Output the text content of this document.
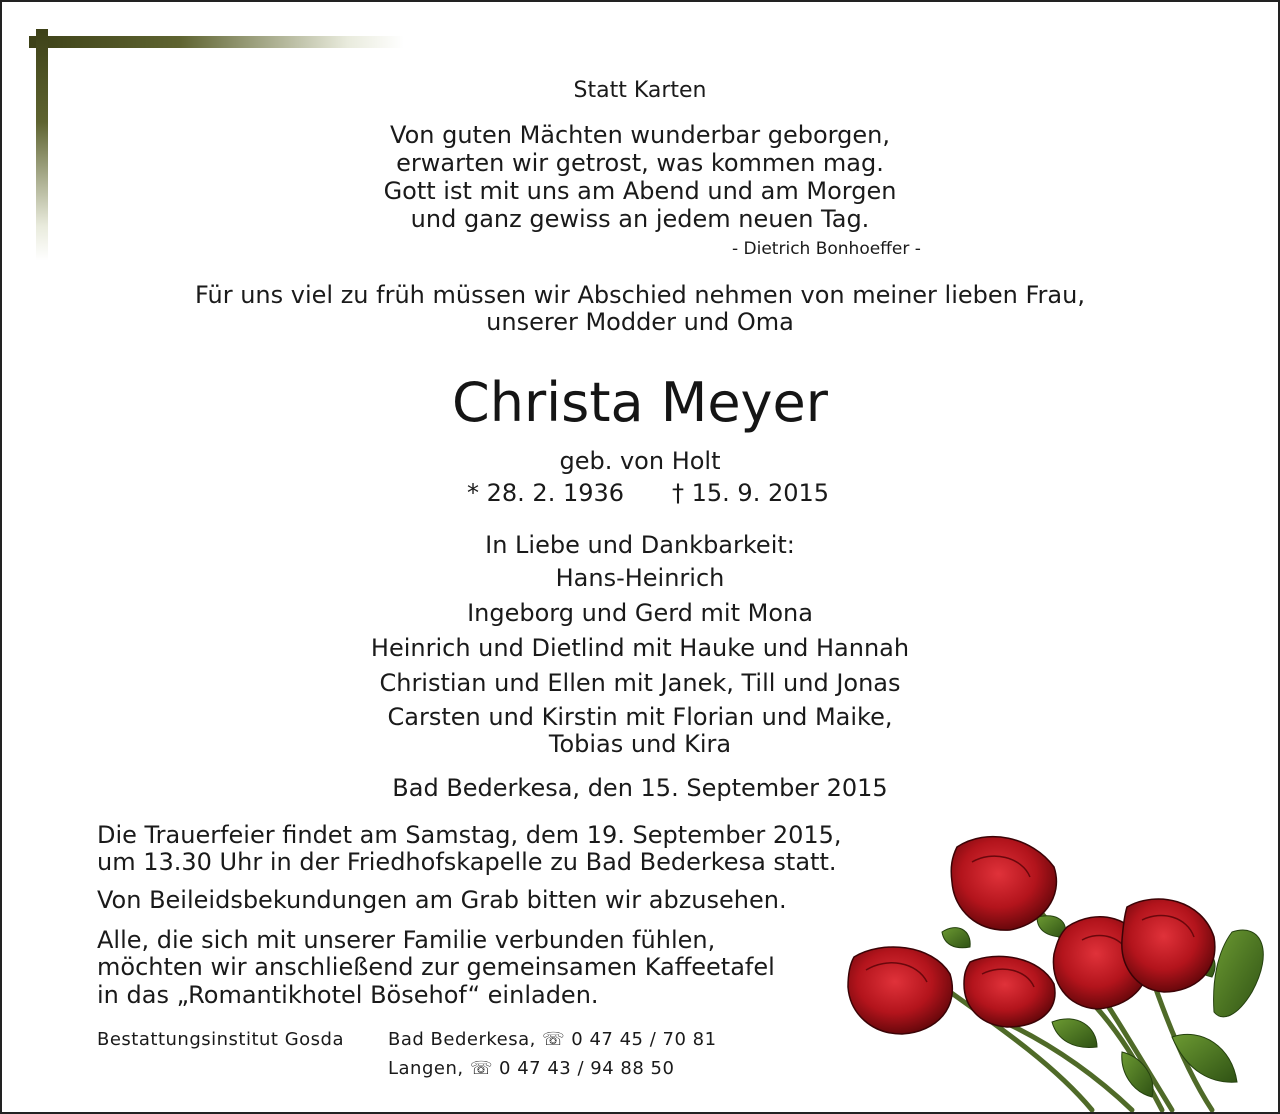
Statt Karten
Von guten Mächten wunderbar geborgen,
erwarten wir getrost, was kommen mag.
Gott ist mit uns am Abend und am Morgen
und ganz gewiss an jedem neuen Tag.
- Dietrich Bonhoeffer -
Für uns viel zu früh müssen wir Abschied nehmen von meiner lieben Frau,
unserer Modder und Oma
Christa Meyer
geb. von Holt
* 28. 2. 1936 † 15. 9. 2015
In Liebe und Dankbarkeit:
Hans-Heinrich
Ingeborg und Gerd mit Mona
Heinrich und Dietlind mit Hauke und Hannah
Christian und Ellen mit Janek, Till und Jonas
Carsten und Kirstin mit Florian und Maike,
Tobias und Kira
Bad Bederkesa, den 15. September 2015
Die Trauerfeier findet am Samstag, dem 19. September 2015,
um 13.30 Uhr in der Friedhofskapelle zu Bad Bederkesa statt.
Von Beileidsbekundungen am Grab bitten wir abzusehen.
Alle, die sich mit unserer Familie verbunden fühlen,
möchten wir anschließend zur gemeinsamen Kaffeetafel
in das „Romantikhotel Bösehof“ einladen.
Bestattungsinstitut Gosda Bad Bederkesa, ☏ 0 47 45 / 70 81
Langen, ☏ 0 47 43 / 94 88 50
